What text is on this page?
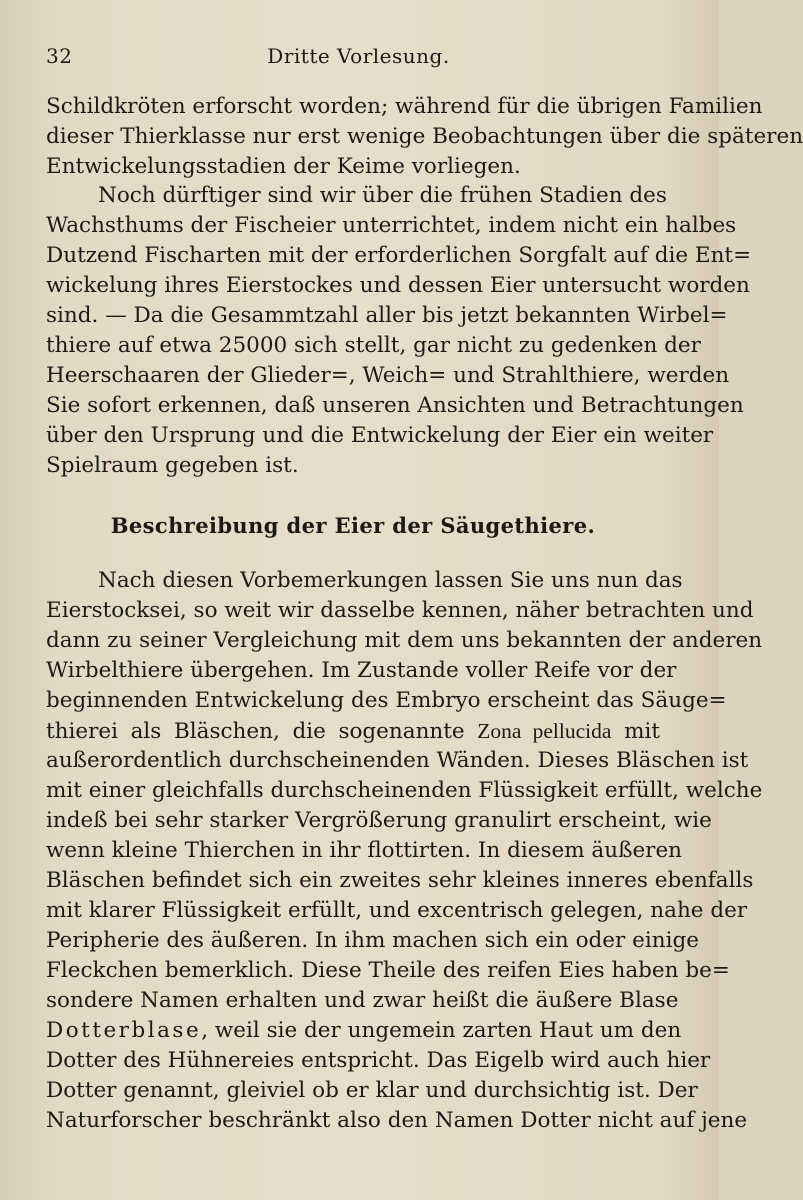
32	Dritte Vorlesung.
Schildkröten erforscht worden; während für die übrigen Familien
dieser Thierklasse nur erst wenige Beobachtungen über die späteren
Entwickelungsstadien der Keime vorliegen.
Noch dürftiger sind wir über die frühen Stadien des
Wachsthums der Fischeier unterrichtet, indem nicht ein halbes
Dutzend Fischarten mit der erforderlichen Sorgfalt auf die Ent=
wickelung ihres Eierstockes und dessen Eier untersucht worden
sind. — Da die Gesammtzahl aller bis jetzt bekannten Wirbel=
thiere auf etwa 25000 sich stellt, gar nicht zu gedenken der
Heerschaaren der Glieder=, Weich= und Strahlthiere, werden
Sie sofort erkennen, daß unseren Ansichten und Betrachtungen
über den Ursprung und die Entwickelung der Eier ein weiter
Spielraum gegeben ist.
Beschreibung der Eier der Säugethiere.
Nach diesen Vorbemerkungen lassen Sie uns nun das
Eierstocksei, so weit wir dasselbe kennen, näher betrachten und
dann zu seiner Vergleichung mit dem uns bekannten der anderen
Wirbelthiere übergehen. Im Zustande voller Reife vor der
beginnenden Entwickelung des Embryo erscheint das Säuge=
thierei als Bläschen, die sogenannte Zona pellucida mit
außerordentlich durchscheinenden Wänden. Dieses Bläschen ist
mit einer gleichfalls durchscheinenden Flüssigkeit erfüllt, welche
indeß bei sehr starker Vergrößerung granulirt erscheint, wie
wenn kleine Thierchen in ihr flottirten. In diesem äußeren
Bläschen befindet sich ein zweites sehr kleines inneres ebenfalls
mit klarer Flüssigkeit erfüllt, und excentrisch gelegen, nahe der
Peripherie des äußeren. In ihm machen sich ein oder einige
Fleckchen bemerklich. Diese Theile des reifen Eies haben be=
sondere Namen erhalten und zwar heißt die äußere Blase
Dotterblase, weil sie der ungemein zarten Haut um den
Dotter des Hühnereies entspricht. Das Eigelb wird auch hier
Dotter genannt, gleiviel ob er klar und durchsichtig ist. Der
Naturforscher beschränkt also den Namen Dotter nicht auf jene
